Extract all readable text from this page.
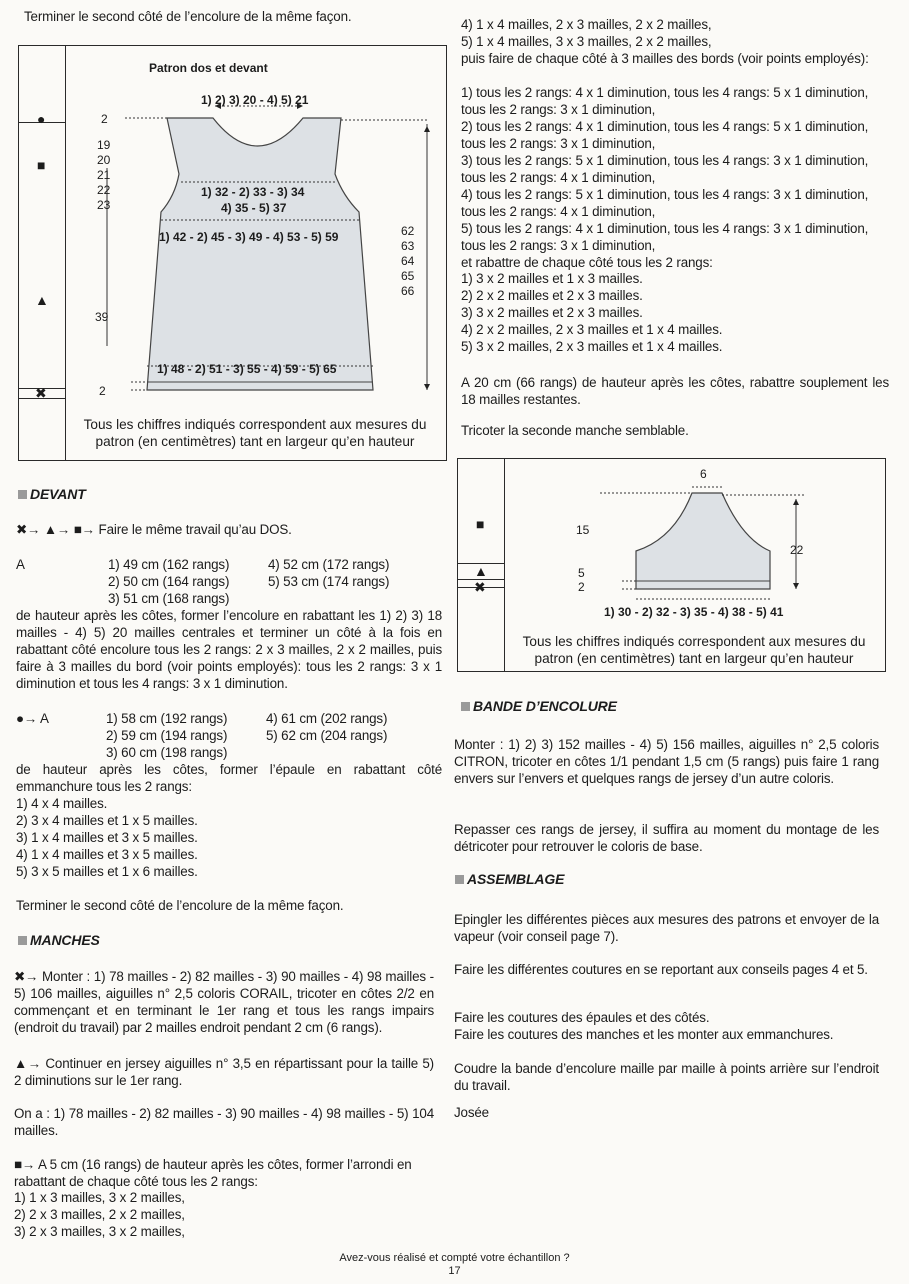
Terminer le second côté de l’encolure de la même façon.

●
■
▲
✖
Patron dos et devant
1) 2) 3) 20 - 4) 5) 21
2
19
20
21
22
23
1) 32 - 2) 33 - 3) 34
4) 35 - 5) 37
1) 42 - 2) 45 - 3) 49 - 4) 53 - 5) 59	62
63
64
65
66
39
1) 48 - 2) 51 - 3) 55 - 4) 59 - 5) 65
2
Tous les chiffres indiqués correspondent aux mesures du patron (en centimètres) tant en largeur qu’en hauteur
DEVANT

✖→ ▲→ ■→ Faire le même travail qu’au DOS.

A	1) 49 cm (162 rangs)	4) 52 cm (172 rangs)
2) 50 cm (164 rangs)	5) 53 cm (174 rangs)
3) 51 cm (168 rangs)

de hauteur après les côtes, former l’encolure en rabattant les 1) 2) 3) 18 mailles - 4) 5) 20 mailles centrales et terminer un côté à la fois en rabattant côté encolure tous les 2 rangs: 2 x 3 mailles, 2 x 2 mailles, puis faire à 3 mailles du bord (voir points employés): tous les 2 rangs: 3 x 1 diminution et tous les 4 rangs: 3 x 1 diminution.

●→ A	1) 58 cm (192 rangs)	4) 61 cm (202 rangs)
2) 59 cm (194 rangs)	5) 62 cm (204 rangs)
3) 60 cm (198 rangs)

de hauteur après les côtes, former l’épaule en rabattant côté emmanchure tous les 2 rangs:

1) 4 x 4 mailles.
2) 3 x 4 mailles et 1 x 5 mailles.
3) 1 x 4 mailles et 3 x 5 mailles.
4) 1 x 4 mailles et 3 x 5 mailles.
5) 3 x 5 mailles et 1 x 6 mailles.

Terminer le second côté de l’encolure de la même façon.

MANCHES

✖→ Monter : 1) 78 mailles - 2) 82 mailles - 3) 90 mailles - 4) 98 mailles - 5) 106 mailles, aiguilles n° 2,5 coloris CORAIL, tricoter en côtes 2/2 en commençant et en terminant le 1er rang et tous les rangs impairs (endroit du travail) par 2 mailles endroit pendant 2 cm (6 rangs).

▲→ Continuer en jersey aiguilles n° 3,5 en répartissant pour la taille 5) 2 diminutions sur le 1er rang.

On a : 1) 78 mailles - 2) 82 mailles - 3) 90 mailles - 4) 98 mailles - 5) 104 mailles.

■→ A 5 cm (16 rangs) de hauteur après les côtes, former l’arrondi en rabattant de chaque côté tous les 2 rangs:

1) 1 x 3 mailles, 3 x 2 mailles,
2) 2 x 3 mailles, 2 x 2 mailles,
3) 2 x 3 mailles, 3 x 2 mailles,
4) 1 x 4 mailles, 2 x 3 mailles, 2 x 2 mailles,
5) 1 x 4 mailles, 3 x 3 mailles, 2 x 2 mailles,

puis faire de chaque côté à 3 mailles des bords (voir points employés):

1) tous les 2 rangs: 4 x 1 diminution, tous les 4 rangs: 5 x 1 diminution, tous les 2 rangs: 3 x 1 diminution,
2) tous les 2 rangs: 4 x 1 diminution, tous les 4 rangs: 5 x 1 diminution, tous les 2 rangs: 3 x 1 diminution,
3) tous les 2 rangs: 5 x 1 diminution, tous les 4 rangs: 3 x 1 diminution, tous les 2 rangs: 4 x 1 diminution,
4) tous les 2 rangs: 5 x 1 diminution, tous les 4 rangs: 3 x 1 diminution, tous les 2 rangs: 4 x 1 diminution,
5) tous les 2 rangs: 4 x 1 diminution, tous les 4 rangs: 3 x 1 diminution, tous les 2 rangs: 3 x 1 diminution,

et rabattre de chaque côté tous les 2 rangs:

1) 3 x 2 mailles et 1 x 3 mailles.
2) 2 x 2 mailles et 2 x 3 mailles.
3) 3 x 2 mailles et 2 x 3 mailles.
4) 2 x 2 mailles, 2 x 3 mailles et 1 x 4 mailles.
5) 3 x 2 mailles, 2 x 3 mailles et 1 x 4 mailles.

A 20 cm (66 rangs) de hauteur après les côtes, rabattre souplement les 18 mailles restantes.

Tricoter la seconde manche semblable.

■
▲
✖
6
15
22
5
2
1) 30 - 2) 32 - 3) 35 - 4) 38 - 5) 41
Tous les chiffres indiqués correspondent aux mesures du patron (en centimètres) tant en largeur qu’en hauteur
BANDE D’ENCOLURE

Monter : 1) 2) 3) 152 mailles - 4) 5) 156 mailles, aiguilles n° 2,5 coloris CITRON, tricoter en côtes 1/1 pendant 1,5 cm (5 rangs) puis faire 1 rang envers sur l’envers et quelques rangs de jersey d’un autre coloris.

Repasser ces rangs de jersey, il suffira au moment du montage de les détricoter pour retrouver le coloris de base.

ASSEMBLAGE

Epingler les différentes pièces aux mesures des patrons et envoyer de la vapeur (voir conseil page 7).

Faire les différentes coutures en se reportant aux conseils pages 4 et 5.

Faire les coutures des épaules et des côtés.
Faire les coutures des manches et les monter aux emmanchures.

Coudre la bande d’encolure maille par maille à points arrière sur l’endroit du travail.

Josée

Avez-vous réalisé et compté votre échantillon ?
17
